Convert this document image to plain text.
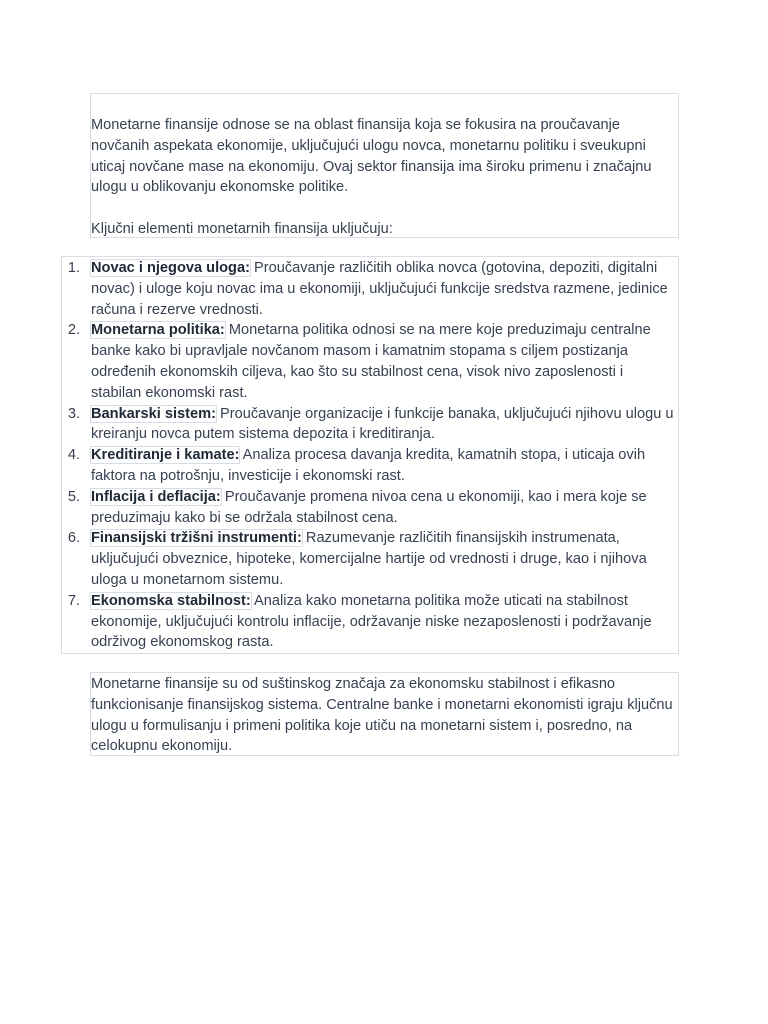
Monetarne finansije odnose se na oblast finansija koja se fokusira na proučavanje novčanih aspekata ekonomije, uključujući ulogu novca, monetarnu politiku i sveukupni uticaj novčane mase na ekonomiju. Ovaj sektor finansija ima široku primenu i značajnu ulogu u oblikovanju ekonomske politike.

Ključni elementi monetarnih finansija uključuju:

1. Novac i njegova uloga: Proučavanje različitih oblika novca (gotovina, depoziti, digitalni novac) i uloge koju novac ima u ekonomiji, uključujući funkcije sredstva razmene, jedinice računa i rezerve vrednosti.
2. Monetarna politika: Monetarna politika odnosi se na mere koje preduzimaju centralne banke kako bi upravljale novčanom masom i kamatnim stopama s ciljem postizanja određenih ekonomskih ciljeva, kao što su stabilnost cena, visok nivo zaposlenosti i stabilan ekonomski rast.
3. Bankarski sistem: Proučavanje organizacije i funkcije banaka, uključujući njihovu ulogu u kreiranju novca putem sistema depozita i kreditiranja.
4. Kreditiranje i kamate: Analiza procesa davanja kredita, kamatnih stopa, i uticaja ovih faktora na potrošnju, investicije i ekonomski rast.
5. Inflacija i deflacija: Proučavanje promena nivoa cena u ekonomiji, kao i mera koje se preduzimaju kako bi se održala stabilnost cena.
6. Finansijski tržišni instrumenti: Razumevanje različitih finansijskih instrumenata, uključujući obveznice, hipoteke, komercijalne hartije od vrednosti i druge, kao i njihova uloga u monetarnom sistemu.
7. Ekonomska stabilnost: Analiza kako monetarna politika može uticati na stabilnost ekonomije, uključujući kontrolu inflacije, održavanje niske nezaposlenosti i podržavanje održivog ekonomskog rasta.

Monetarne finansije su od suštinskog značaja za ekonomsku stabilnost i efikasno funkcionisanje finansijskog sistema. Centralne banke i monetarni ekonomisti igraju ključnu ulogu u formulisanju i primeni politika koje utiču na monetarni sistem i, posredno, na celokupnu ekonomiju.
